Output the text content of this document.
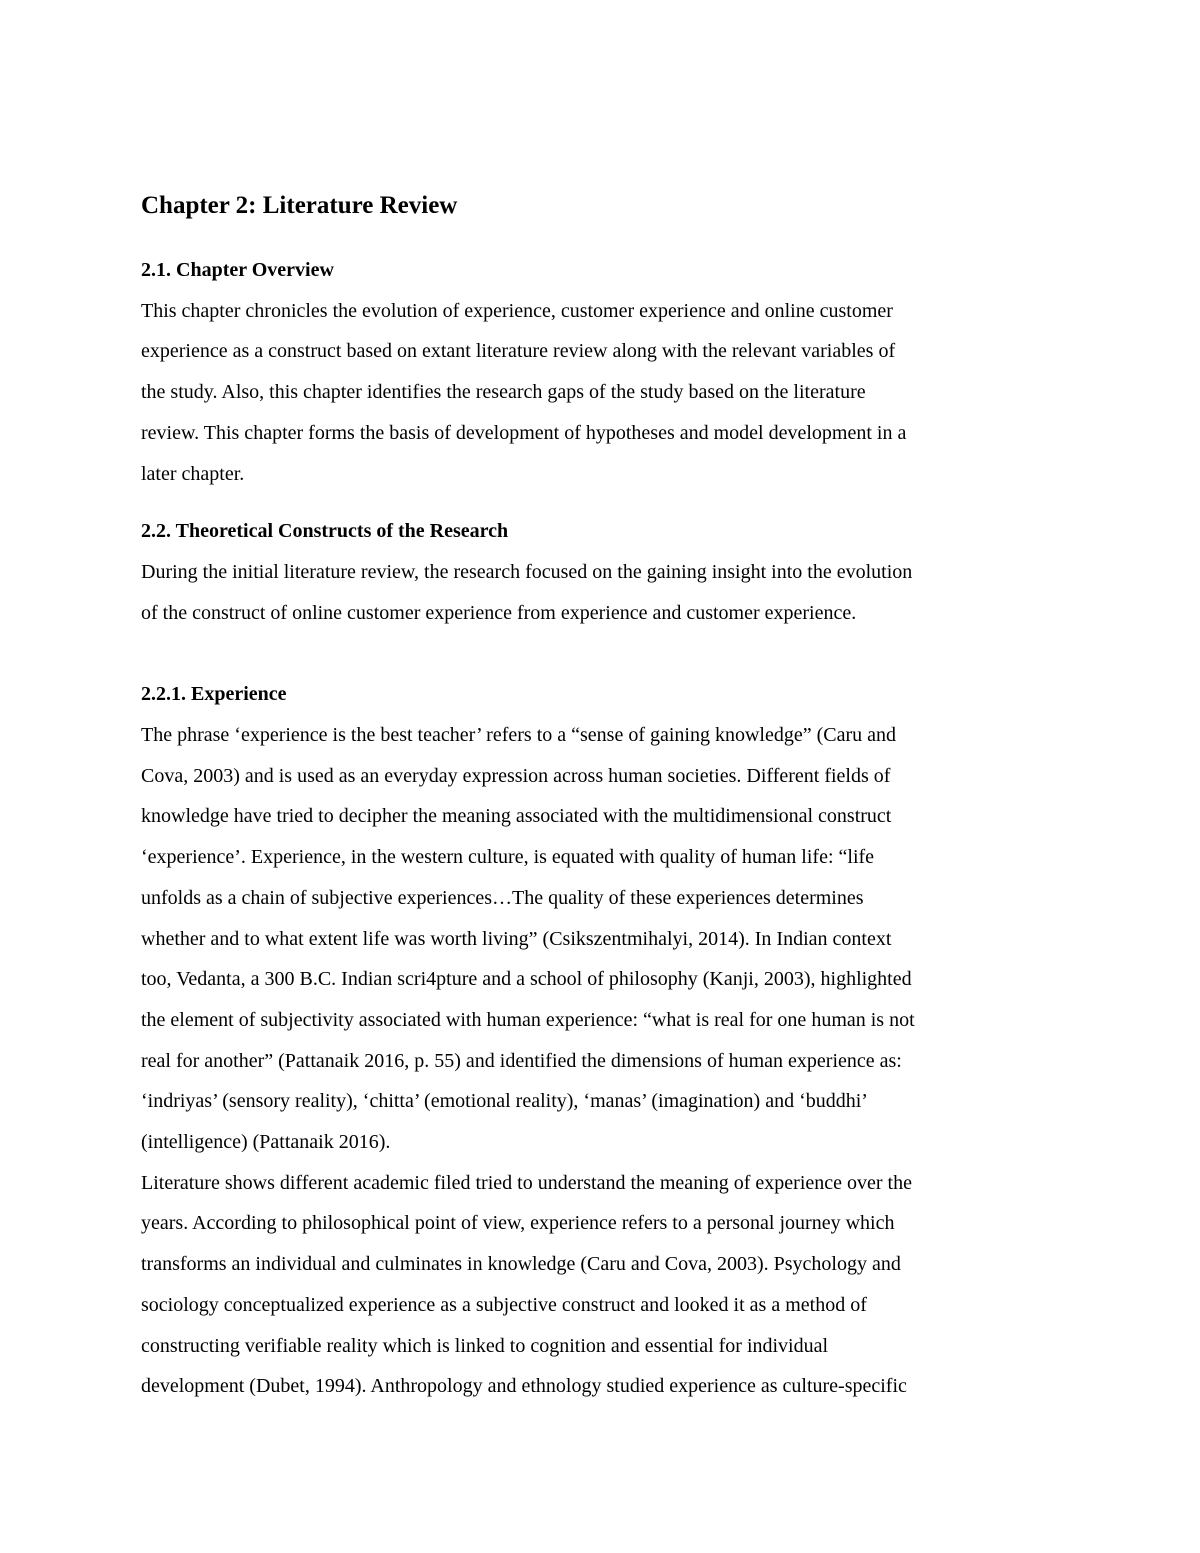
Chapter 2: Literature Review
2.1. Chapter Overview
This chapter chronicles the evolution of experience, customer experience and online customer
experience as a construct based on extant literature review along with the relevant variables of
the study. Also, this chapter identifies the research gaps of the study based on the literature
review. This chapter forms the basis of development of hypotheses and model development in a
later chapter.
2.2. Theoretical Constructs of the Research
During the initial literature review, the research focused on the gaining insight into the evolution
of the construct of online customer experience from experience and customer experience.
2.2.1. Experience
The phrase ‘experience is the best teacher’ refers to a “sense of gaining knowledge” (Caru and
Cova, 2003) and is used as an everyday expression across human societies. Different fields of
knowledge have tried to decipher the meaning associated with the multidimensional construct
‘experience’. Experience, in the western culture, is equated with quality of human life: “life
unfolds as a chain of subjective experiences…The quality of these experiences determines
whether and to what extent life was worth living” (Csikszentmihalyi, 2014). In Indian context
too, Vedanta, a 300 B.C. Indian scri4pture and a school of philosophy (Kanji, 2003), highlighted
the element of subjectivity associated with human experience: “what is real for one human is not
real for another” (Pattanaik 2016, p. 55) and identified the dimensions of human experience as:
‘indriyas’ (sensory reality), ‘chitta’ (emotional reality), ‘manas’ (imagination) and ‘buddhi’
(intelligence) (Pattanaik 2016).
Literature shows different academic filed tried to understand the meaning of experience over the
years. According to philosophical point of view, experience refers to a personal journey which
transforms an individual and culminates in knowledge (Caru and Cova, 2003). Psychology and
sociology conceptualized experience as a subjective construct and looked it as a method of
constructing verifiable reality which is linked to cognition and essential for individual
development (Dubet, 1994). Anthropology and ethnology studied experience as culture-specific
